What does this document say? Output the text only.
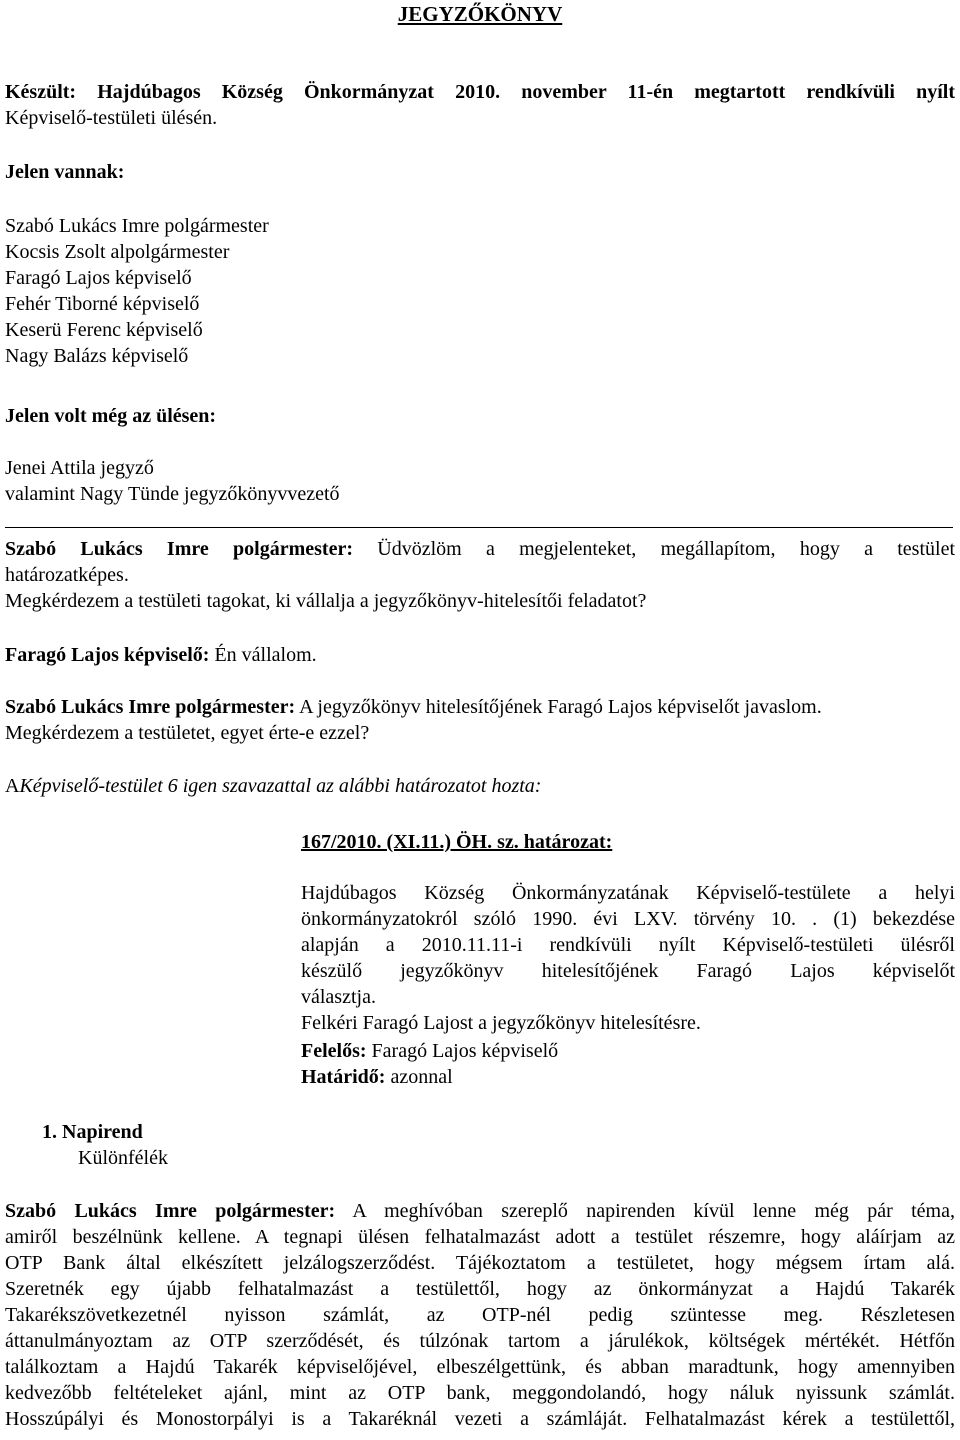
JEGYZŐKÖNYV
Készült: Hajdúbagos Község Önkormányzat 2010. november 11-én megtartott rendkívüli nyílt
Képviselő-testületi ülésén.
Jelen vannak:
Szabó Lukács Imre polgármester
Kocsis Zsolt alpolgármester
Faragó Lajos képviselő
Fehér Tiborné képviselő
Keserü Ferenc képviselő
Nagy Balázs képviselő
Jelen volt még az ülésen:
Jenei Attila jegyző
valamint Nagy Tünde jegyzőkönyvvezető
Szabó Lukács Imre polgármester: Üdvözlöm a megjelenteket, megállapítom, hogy a testület
határozatképes.
Megkérdezem a testületi tagokat, ki vállalja a jegyzőkönyv-hitelesítői feladatot?
Faragó Lajos képviselő: Én vállalom.
Szabó Lukács Imre polgármester: A jegyzőkönyv hitelesítőjének Faragó Lajos képviselőt javaslom.
Megkérdezem a testületet, egyet érte-e ezzel?
AKépviselő-testület 6 igen szavazattal az alábbi határozatot hozta:
167/2010. (XI.11.) ÖH. sz. határozat:
Hajdúbagos Község Önkormányzatának Képviselő-testülete a helyi
önkormányzatokról szóló 1990. évi LXV. törvény 10. . (1) bekezdése
alapján a 2010.11.11-i rendkívüli nyílt Képviselő-testületi ülésről
készülő jegyzőkönyv hitelesítőjének Faragó Lajos képviselőt
választja.
Felkéri Faragó Lajost a jegyzőkönyv hitelesítésre.
Felelős: Faragó Lajos képviselő
Határidő: azonnal
1. Napirend
Különfélék
Szabó Lukács Imre polgármester: A meghívóban szereplő napirenden kívül lenne még pár téma,
amiről beszélnünk kellene. A tegnapi ülésen felhatalmazást adott a testület részemre, hogy aláírjam az
OTP Bank által elkészített jelzálogszerződést. Tájékoztatom a testületet, hogy mégsem írtam alá.
Szeretnék egy újabb felhatalmazást a testülettől, hogy az önkormányzat a Hajdú Takarék
Takarékszövetkezetnél nyisson számlát, az OTP-nél pedig szüntesse meg. Részletesen
áttanulmányoztam az OTP szerződését, és túlzónak tartom a járulékok, költségek mértékét. Hétfőn
találkoztam a Hajdú Takarék képviselőjével, elbeszélgettünk, és abban maradtunk, hogy amennyiben
kedvezőbb feltételeket ajánl, mint az OTP bank, meggondolandó, hogy náluk nyissunk számlát.
Hosszúpályi és Monostorpályi is a Takaréknál vezeti a számláját. Felhatalmazást kérek a testülettől,
